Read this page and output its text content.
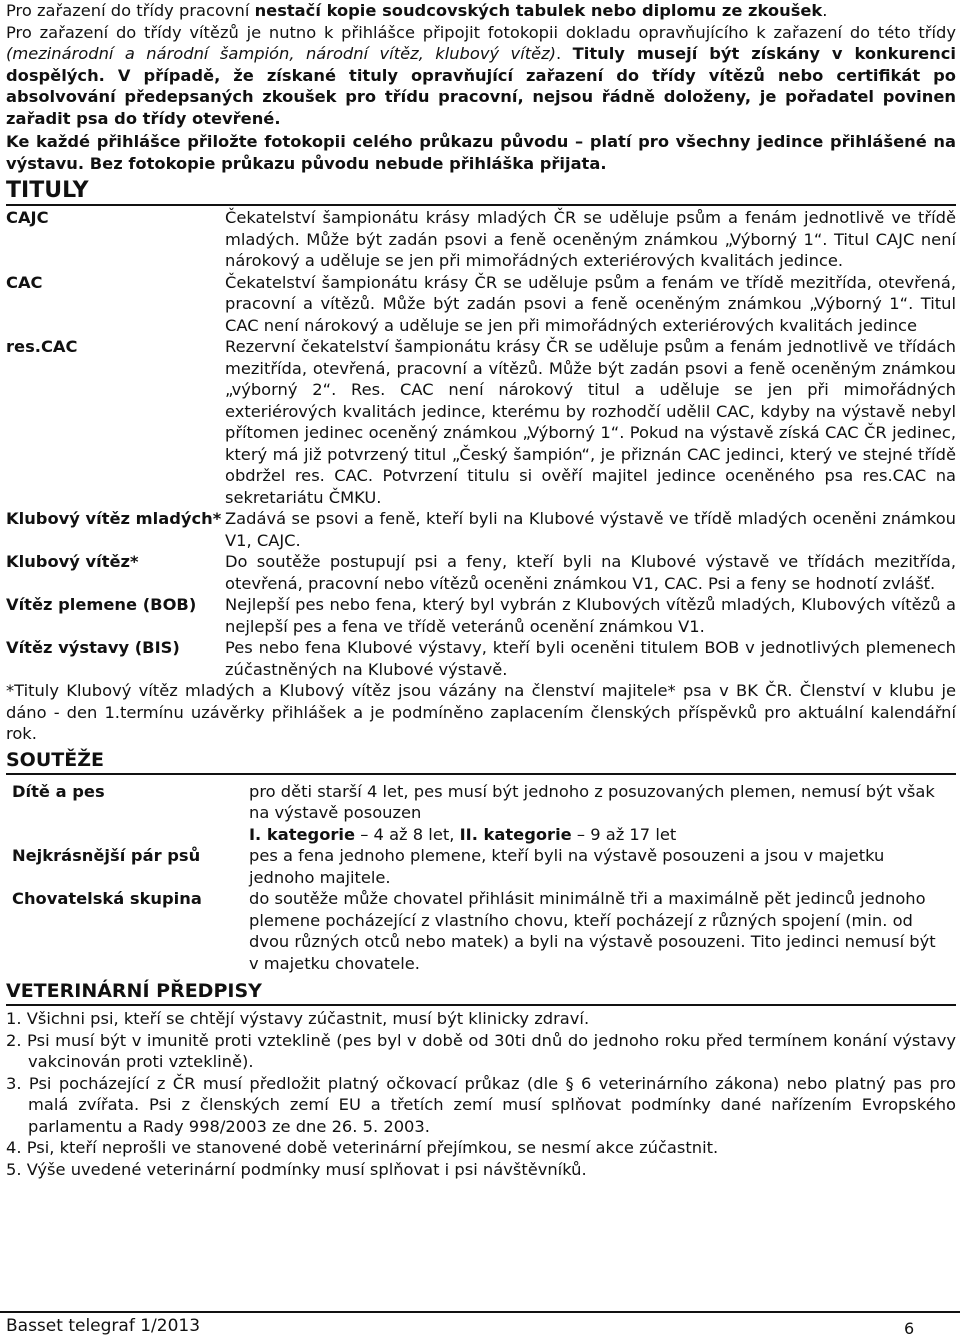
Pro zařazení do třídy pracovní nestačí kopie soudcovských tabulek nebo diplomu ze zkoušek.

Pro zařazení do třídy vítězů je nutno k přihlášce připojit fotokopii dokladu opravňujícího k zařazení do této třídy (mezinárodní a národní šampión, národní vítěz, klubový vítěz). Tituly musejí být získány v konkurenci dospělých. V případě, že získané tituly opravňující zařazení do třídy vítězů nebo certifikát po absolvování předepsaných zkoušek pro třídu pracovní, nejsou řádně doloženy, je pořadatel povinen zařadit psa do třídy otevřené.

Ke každé přihlášce přiložte fotokopii celého průkazu původu – platí pro všechny jedince přihlášené na výstavu. Bez fotokopie průkazu původu nebude přihláška přijata.

TITULY
CAJC	Čekatelství šampionátu krásy mladých ČR se uděluje psům a fenám jednotlivě ve třídě mladých. Může být zadán psovi a feně oceněným známkou „Výborný 1“. Titul CAJC není nárokový a uděluje se jen při mimořádných exteriérových kvalitách jedince.
CAC	Čekatelství šampionátu krásy ČR se uděluje psům a fenám ve třídě mezitřída, otevřená, pracovní a vítězů. Může být zadán psovi a feně oceněným známkou „Výborný 1“. Titul CAC není nárokový a uděluje se jen při mimořádných exteriérových kvalitách jedince
res.CAC	Rezervní čekatelství šampionátu krásy ČR se uděluje psům a fenám jednotlivě ve třídách mezitřída, otevřená, pracovní a vítězů. Může být zadán psovi a feně oceněným známkou „výborný 2“. Res. CAC není nárokový titul a uděluje se jen při mimořádných exteriérových kvalitách jedince, kterému by rozhodčí udělil CAC, kdyby na výstavě nebyl přítomen jedinec oceněný známkou „Výborný 1“. Pokud na výstavě získá CAC ČR jedinec, který má již potvrzený titul „Český šampión“, je přiznán CAC jedinci, který ve stejné třídě obdržel res. CAC. Potvrzení titulu si ověří majitel jedince oceněného psa res.CAC na sekretariátu ČMKU.
Klubový vítěz mladých*	Zadává se psovi a feně, kteří byli na Klubové výstavě ve třídě mladých oceněni známkou V1, CAJC.
Klubový vítěz*	Do soutěže postupují psi a feny, kteří byli na Klubové výstavě ve třídách mezitřída, otevřená, pracovní nebo vítězů oceněni známkou V1, CAC. Psi a feny se hodnotí zvlášť.
Vítěz plemene (BOB)	Nejlepší pes nebo fena, který byl vybrán z Klubových vítězů mladých, Klubových vítězů a nejlepší pes a fena ve třídě veteránů ocenění známkou V1.
Vítěz výstavy (BIS)	Pes nebo fena Klubové výstavy, kteří byli oceněni titulem BOB v jednotlivých plemenech zúčastněných na Klubové výstavě.

*Tituly Klubový vítěz mladých a Klubový vítěz jsou vázány na členství majitele* psa v BK ČR. Členství v klubu je dáno - den 1.termínu uzávěrky přihlášek a je podmíněno zaplacením členských příspěvků pro aktuální kalendářní rok.

SOUTĚŽE
Dítě a pes	pro děti starší 4 let, pes musí být jednoho z posuzovaných plemen, nemusí být však na výstavě posouzen
I. kategorie – 4 až 8 let, II. kategorie – 9 až 17 let
Nejkrásnější pár psů	pes a fena jednoho plemene, kteří byli na výstavě posouzeni a jsou v majetku jednoho majitele.
Chovatelská skupina	do soutěže může chovatel přihlásit minimálně tři a maximálně pět jedinců jednoho plemene pocházející z vlastního chovu, kteří pocházejí z různých spojení (min. od dvou různých otců nebo matek) a byli na výstavě posouzeni. Tito jedinci nemusí být v majetku chovatele.
VETERINÁRNÍ PŘEDPISY
1. Všichni psi, kteří se chtějí výstavy zúčastnit, musí být klinicky zdraví.
2. Psi musí být v imunitě proti vzteklině (pes byl v době od 30ti dnů do jednoho roku před termínem konání výstavy vakcinován proti vzteklině).
3. Psi pocházející z ČR musí předložit platný očkovací průkaz (dle § 6 veterinárního zákona) nebo platný pas pro malá zvířata. Psi z členských zemí EU a třetích zemí musí splňovat podmínky dané nařízením Evropského parlamentu a Rady 998/2003 ze dne 26. 5. 2003.
4. Psi, kteří neprošli ve stanovené době veterinární přejímkou, se nesmí akce zúčastnit.
5. Výše uvedené veterinární podmínky musí splňovat i psi návštěvníků.
Basset telegraf 1/2013	6
